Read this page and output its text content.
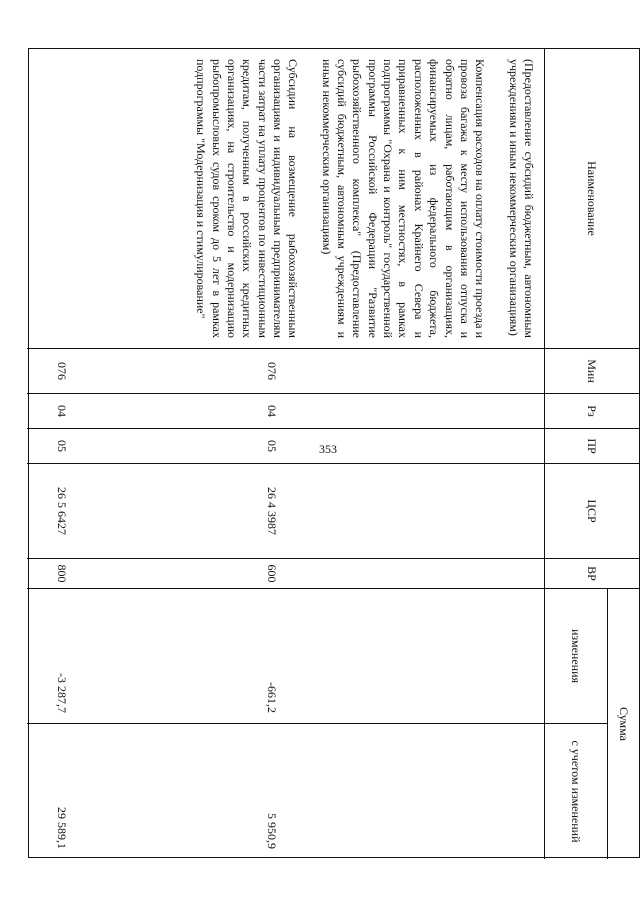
353
Наименование
Мин
Рз
ПР
ЦСР
ВР
Сумма
изменения
с учетом изменений
(Предоставление субсидий бюджетным, автономным учреждениям и иным некоммерческим организациям)
Компенсация расходов на оплату стоимости проезда и провоза багажа к месту использования отпуска и обратно лицам, работающим в организациях, финансируемых из федерального бюджета, расположенных в районах Крайнего Севера и приравненных к ним местностях, в рамках подпрограммы "Охрана и контроль" государственной программы Российской Федерации "Развитие рыбохозяйственного комплекса" (Предоставление субсидий бюджетным, автономным учреждениям и иным некоммерческим организациям)
Субсидии на возмещение рыбохозяйственным организациям и индивидуальным предпринимателям части затрат на уплату процентов по инвестиционным кредитам, полученным в российских кредитных организациях, на строительство и модернизацию рыбопромысловых судов сроком до 5 лет в рамках подпрограммы "Модернизация и стимулирование"
076
076
04
04
05
05
26 4 3987
26 5 6427
600
800
-661,2
-3 287,7
5 950,9
29 589,1
